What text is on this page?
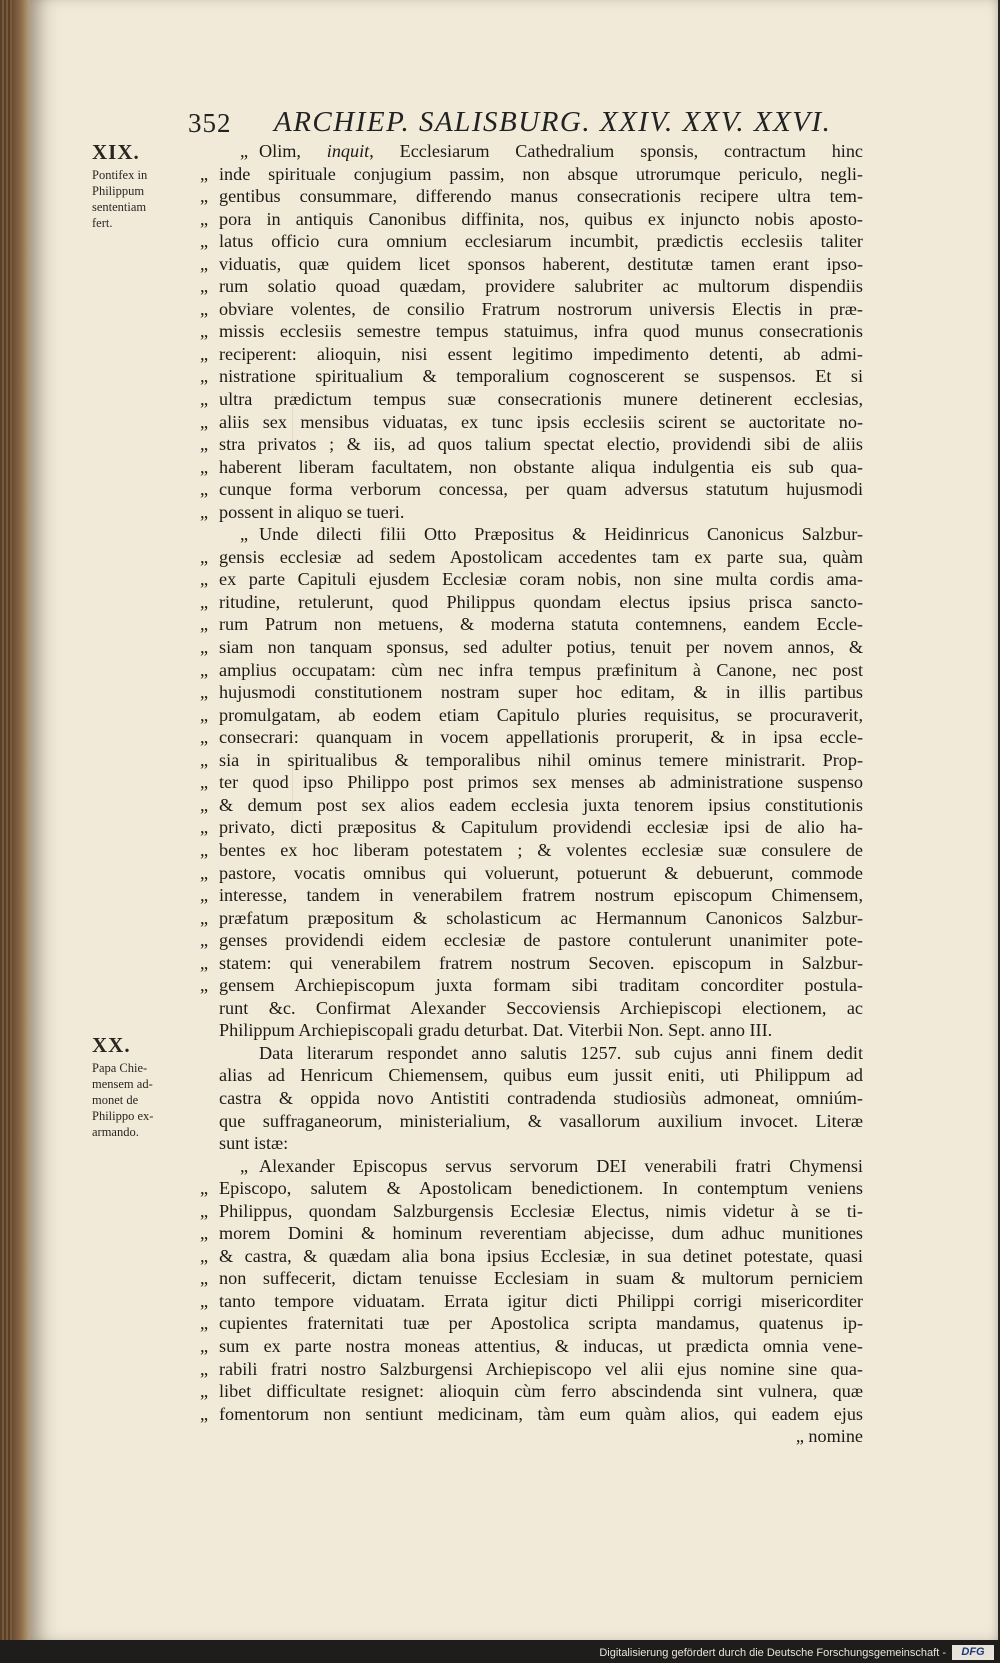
352 ARCHIEP. SALISBURG. XXIV. XXV. XXVI.
XIX.
Pontifex in
Philippum
sententiam
fert.
XX.
Papa Chie-
mensem ad-
monet de
Philippo ex-
armando.
„ Olim, inquit, Ecclesiarum Cathedralium sponsis, contractum hinc
„ inde spirituale conjugium passim, non absque utrorumque periculo, negli-
„ gentibus consummare, differendo manus consecrationis recipere ultra tem-
„ pora in antiquis Canonibus diffinita, nos, quibus ex injuncto nobis aposto-
„ latus officio cura omnium ecclesiarum incumbit, prædictis ecclesiis taliter
„ viduatis, quæ quidem licet sponsos haberent, destitutæ tamen erant ipso-
„ rum solatio quoad quædam, providere salubriter ac multorum dispendiis
„ obviare volentes, de consilio Fratrum nostrorum universis Electis in præ-
„ missis ecclesiis semestre tempus statuimus, infra quod munus consecrationis
„ reciperent: alioquin, nisi essent legitimo impedimento detenti, ab admi-
„ nistratione spiritualium & temporalium cognoscerent se suspensos. Et si
„ ultra prædictum tempus suæ consecrationis munere detinerent ecclesias,
„ aliis sex mensibus viduatas, ex tunc ipsis ecclesiis scirent se auctoritate no-
„ stra privatos ; & iis, ad quos talium spectat electio, providendi sibi de aliis
„ haberent liberam facultatem, non obstante aliqua indulgentia eis sub qua-
„ cunque forma verborum concessa, per quam adversus statutum hujusmodi
„ possent in aliquo se tueri.
„ Unde dilecti filii Otto Præpositus & Heidinricus Canonicus Salzbur-
„ gensis ecclesiæ ad sedem Apostolicam accedentes tam ex parte sua, quàm
„ ex parte Capituli ejusdem Ecclesiæ coram nobis, non sine multa cordis ama-
„ ritudine, retulerunt, quod Philippus quondam electus ipsius prisca sancto-
„ rum Patrum non metuens, & moderna statuta contemnens, eandem Eccle-
„ siam non tanquam sponsus, sed adulter potius, tenuit per novem annos, &
„ amplius occupatam: cùm nec infra tempus præfinitum à Canone, nec post
„ hujusmodi constitutionem nostram super hoc editam, & in illis partibus
„ promulgatam, ab eodem etiam Capitulo pluries requisitus, se procuraverit,
„ consecrari: quanquam in vocem appellationis proruperit, & in ipsa eccle-
„ sia in spiritualibus & temporalibus nihil ominus temere ministrarit. Prop-
„ ter quod ipso Philippo post primos sex menses ab administratione suspenso
„ & demum post sex alios eadem ecclesia juxta tenorem ipsius constitutionis
„ privato, dicti præpositus & Capitulum providendi ecclesiæ ipsi de alio ha-
„ bentes ex hoc liberam potestatem ; & volentes ecclesiæ suæ consulere de
„ pastore, vocatis omnibus qui voluerunt, potuerunt & debuerunt, commode
„ interesse, tandem in venerabilem fratrem nostrum episcopum Chimensem,
„ præfatum præpositum & scholasticum ac Hermannum Canonicos Salzbur-
„ genses providendi eidem ecclesiæ de pastore contulerunt unanimiter pote-
„ statem: qui venerabilem fratrem nostrum Secoven. episcopum in Salzbur-
„ gensem Archiepiscopum juxta formam sibi traditam concorditer postula-
runt &c. Confirmat Alexander Seccoviensis Archiepiscopi electionem, ac
Philippum Archiepiscopali gradu deturbat. Dat. Viterbii Non. Sept. anno III.
Data literarum respondet anno salutis 1257. sub cujus anni finem dedit
alias ad Henricum Chiemensem, quibus eum jussit eniti, uti Philippum ad
castra & oppida novo Antistiti contradenda studiosiùs admoneat, omniúm-
que suffraganeorum, ministerialium, & vasallorum auxilium invocet. Literæ
sunt istæ:
„ Alexander Episcopus servus servorum DEI venerabili fratri Chymensi
„ Episcopo, salutem & Apostolicam benedictionem. In contemptum veniens
„ Philippus, quondam Salzburgensis Ecclesiæ Electus, nimis videtur à se ti-
„ morem Domini & hominum reverentiam abjecisse, dum adhuc munitiones
„ & castra, & quædam alia bona ipsius Ecclesiæ, in sua detinet potestate, quasi
„ non suffecerit, dictam tenuisse Ecclesiam in suam & multorum perniciem
„ tanto tempore viduatam. Errata igitur dicti Philippi corrigi misericorditer
„ cupientes fraternitati tuæ per Apostolica scripta mandamus, quatenus ip-
„ sum ex parte nostra moneas attentius, & inducas, ut prædicta omnia vene-
„ rabili fratri nostro Salzburgensi Archiepiscopo vel alii ejus nomine sine qua-
„ libet difficultate resignet: alioquin cùm ferro abscindenda sint vulnera, quæ
„ fomentorum non sentiunt medicinam, tàm eum quàm alios, qui eadem ejus
„ nomine
Digitalisierung gefördert durch die Deutsche Forschungsgemeinschaft -	DFG
